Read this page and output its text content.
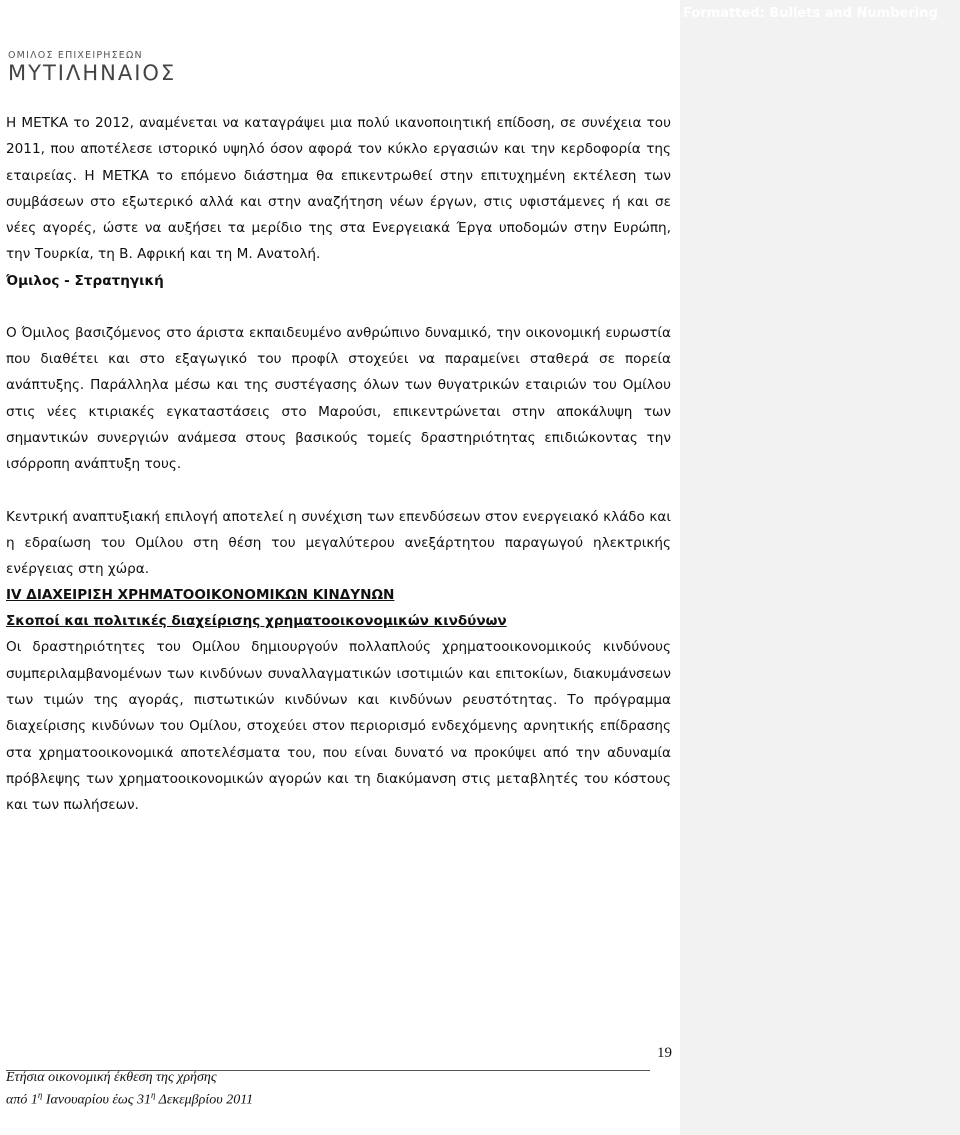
Formatted: Bullets and Numbering
ΟΜΙΛΟΣ ΕΠΙΧΕΙΡΗΣΕΩΝ
ΜΥΤΙΛΗΝΑΙΟΣ

Η ΜΕΤΚΑ το 2012, αναμένεται να καταγράψει μια πολύ ικανοποιητική επίδοση, σε συνέχεια του 2011, που αποτέλεσε ιστορικό υψηλό όσον αφορά τον κύκλο εργασιών και την κερδοφορία της εταιρείας. Η ΜΕΤΚΑ το επόμενο διάστημα θα επικεντρωθεί στην επιτυχημένη εκτέλεση των συμβάσεων στο εξωτερικό αλλά και στην αναζήτηση νέων έργων, στις υφιστάμενες ή και σε νέες αγορές, ώστε να αυξήσει τα μερίδιο της στα Ενεργειακά Έργα υποδομών στην Ευρώπη, την Τουρκία, τη Β. Αφρική και τη Μ. Ανατολή.

Όμιλος - Στρατηγική

Ο Όμιλος βασιζόμενος στο άριστα εκπαιδευμένο ανθρώπινο δυναμικό, την οικονομική ευρωστία που διαθέτει και στο εξαγωγικό του προφίλ στοχεύει να παραμείνει σταθερά σε πορεία ανάπτυξης. Παράλληλα μέσω και της συστέγασης όλων των θυγατρικών εταιριών του Ομίλου στις νέες κτιριακές εγκαταστάσεις στο Μαρούσι, επικεντρώνεται στην αποκάλυψη των σημαντικών συνεργιών ανάμεσα στους βασικούς τομείς δραστηριότητας επιδιώκοντας την ισόρροπη ανάπτυξη τους.

Κεντρική αναπτυξιακή επιλογή αποτελεί η συνέχιση των επενδύσεων στον ενεργειακό κλάδο και η εδραίωση του Ομίλου στη θέση του μεγαλύτερου ανεξάρτητου παραγωγού ηλεκτρικής ενέργειας στη χώρα.

IV ΔΙΑΧΕΙΡΙΣΗ ΧΡΗΜΑΤΟΟΙΚΟΝΟΜΙΚΩΝ ΚΙΝΔΥΝΩΝ
Σκοποί και πολιτικές διαχείρισης χρηματοοικονομικών κινδύνων

Οι δραστηριότητες του Ομίλου δημιουργούν πολλαπλούς χρηματοοικονομικούς κινδύνους συμπεριλαμβανομένων των κινδύνων συναλλαγματικών ισοτιμιών και επιτοκίων, διακυμάνσεων των τιμών της αγοράς, πιστωτικών κινδύνων και κινδύνων ρευστότητας. Το πρόγραμμα διαχείρισης κινδύνων του Ομίλου, στοχεύει στον περιορισμό ενδεχόμενης αρνητικής επίδρασης στα χρηματοοικονομικά αποτελέσματα του, που είναι δυνατό να προκύψει από την αδυναμία πρόβλεψης των χρηματοοικονομικών αγορών και τη διακύμανση στις μεταβλητές του κόστους και των πωλήσεων.

19
Ετήσια οικονομική έκθεση της χρήσης
από $1^\eta$ Ιανουαρίου έως $31^\eta$ Δεκεμβρίου 2011
